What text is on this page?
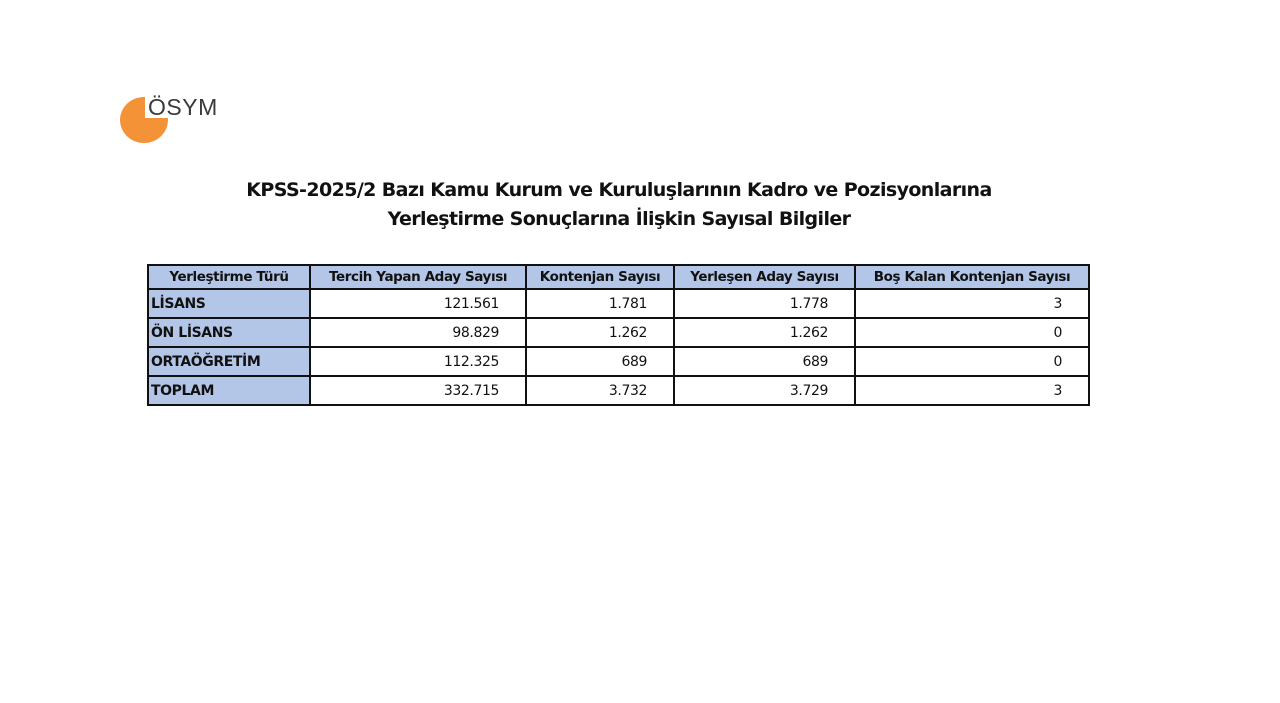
ÖSYM
KPSS-2025/2 Bazı Kamu Kurum ve Kuruluşlarının Kadro ve Pozisyonlarına
Yerleştirme Sonuçlarına İlişkin Sayısal Bilgiler
Yerleştirme Türü	Tercih Yapan Aday Sayısı	Kontenjan Sayısı	Yerleşen Aday Sayısı	Boş Kalan Kontenjan Sayısı
LİSANS	121.561	1.781	1.778	3
ÖN LİSANS	98.829	1.262	1.262	0
ORTAÖĞRETİM	112.325	689	689	0
TOPLAM	332.715	3.732	3.729	3
